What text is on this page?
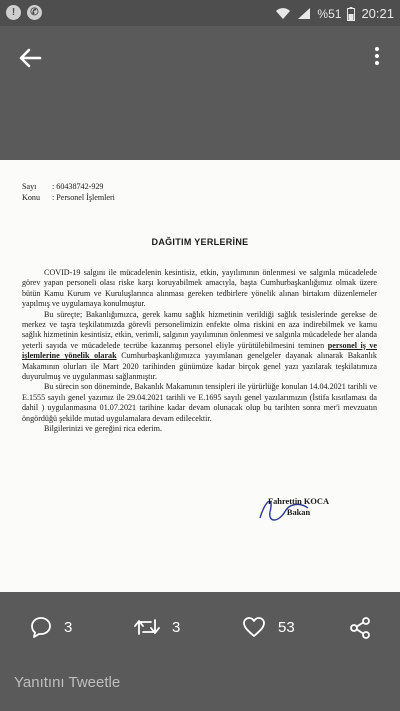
!	✆	%51 20:21
Sayı : 60438742-929
Konu : Personel İşlemleri
DAĞITIM YERLERİNE

COVID-19 salgını ile mücadelenin kesintisiz, etkin, yayılımının önlenmesi ve salgınla mücadelede görev yapan personeli olası riske karşı koruyabilmek amacıyla, başta Cumhurbaşkanlığımız olmak üzere bütün Kamu Kurum ve Kuruluşlarınca alınması gereken tedbirlere yönelik alınan birtakım düzenlemeler yapılmış ve uygulamaya konulmuştur.

Bu süreçte; Bakanlığımızca, gerek kamu sağlık hizmetinin verildiği sağlık tesislerinde gerekse de merkez ve taşra teşkilatımızda görevli personelimizin enfekte olma riskini en aza indirebilmek ve kamu sağlık hizmetinin kesintisiz, etkin, verimli, salgının yayılımının önlenmesi ve salgınla mücadelede her alanda yeterli sayıda ve mücadelede tecrübe kazanmış personel eliyle yürütülebilmesini teminen personel iş ve işlemlerine yönelik olarak Cumhurbaşkanlığımızca yayımlanan genelgeler dayanak alınarak Bakanlık Makamının olurları ile Mart 2020 tarihinden günümüze kadar birçok genel yazı yazılarak teşkilatımıza duyurulmuş ve uygulanması sağlanmıştır.

Bu sürecin son döneminde, Bakanlık Makamının tensipleri ile yürürlüğe konulan 14.04.2021 tarihli ve E.1555 sayılı genel yazımız ile 29.04.2021 tarihli ve E.1695 sayılı genel yazılarımızın (İstifa kısıtlaması da dahil ) uygulanmasına 01.07.2021 tarihine kadar devam olunacak olup bu tarihten sonra mer'i mevzuatın öngördüğü şekilde mutad uygulamalara devam edilecektir.

Bilgilerinizi ve gereğini rica ederim.

Fahrettin KOCA
Bakan
3	3	53
Yanıtını Tweetle
